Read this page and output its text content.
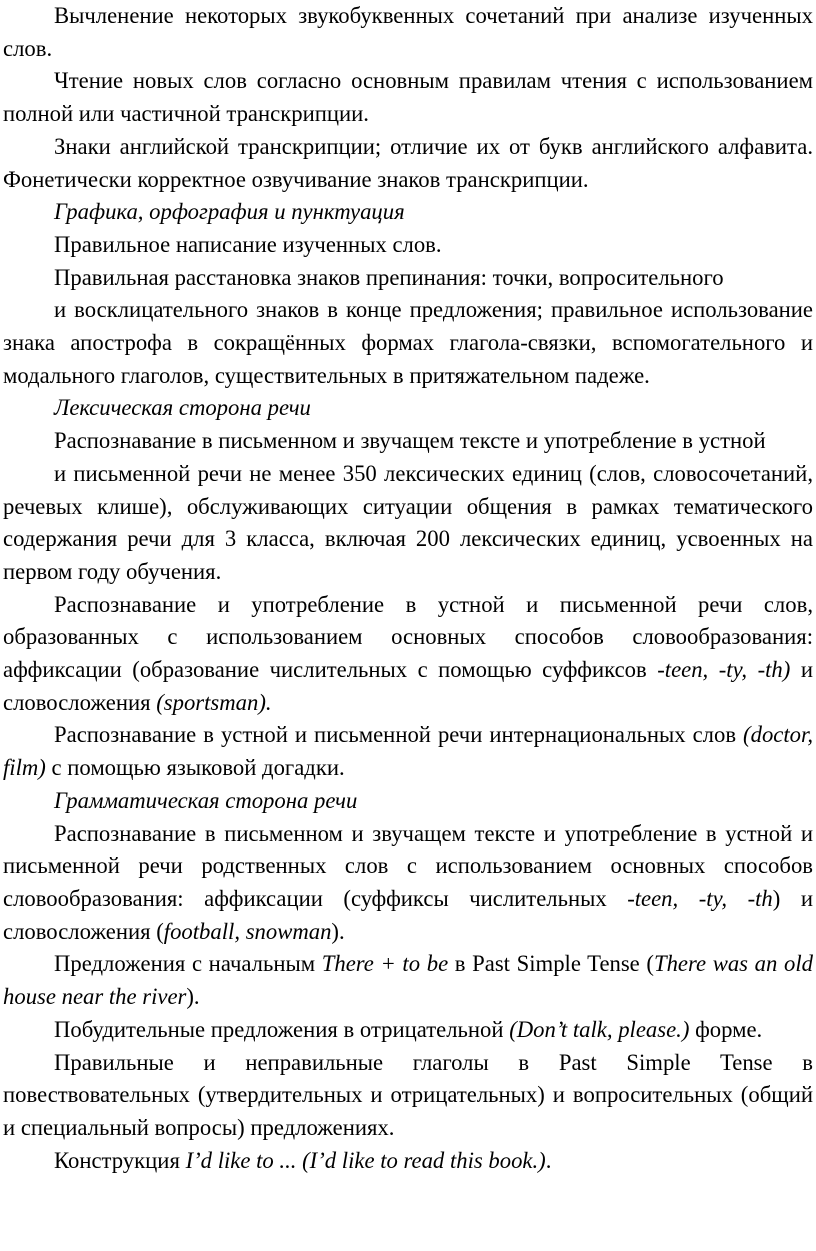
Вычленение некоторых звукобуквенных сочетаний при анализе изученных слов.

Чтение новых слов согласно основным правилам чтения с использованием полной или частичной транскрипции.

Знаки английской транскрипции; отличие их от букв английского алфавита. Фонетически корректное озвучивание знаков транскрипции.

Графика, орфография и пунктуация

Правильное написание изученных слов.

Правильная расстановка знаков препинания: точки, вопросительного

и восклицательного знаков в конце предложения; правильное использование знака апострофа в сокращённых формах глагола-связки, вспомогательного и модального глаголов, существительных в притяжательном падеже.

Лексическая сторона речи

Распознавание в письменном и звучащем тексте и употребление в устной

и письменной речи не менее 350 лексических единиц (слов, словосочетаний, речевых клише), обслуживающих ситуации общения в рамках тематического содержания речи для 3 класса, включая 200 лексических единиц, усвоенных на первом году обучения.

Распознавание и употребление в устной и письменной речи слов, образованных с использованием основных способов словообразования: аффиксации (образование числительных с помощью суффиксов -teen, -ty, -th) и словосложения (sportsman).

Распознавание в устной и письменной речи интернациональных слов (doctor, film) с помощью языковой догадки.

Грамматическая сторона речи

Распознавание в письменном и звучащем тексте и употребление в устной и письменной речи родственных слов с использованием основных способов словообразования: аффиксации (суффиксы числительных -teen, -ty, -th) и словосложения (football, snowman).

Предложения с начальным There + to be в Past Simple Tense (There was an old house near the river).

Побудительные предложения в отрицательной (Don’t talk, please.) форме.

Правильные и неправильные глаголы в Past Simple Tense в повествовательных (утвердительных и отрицательных) и вопросительных (общий и специальный вопросы) предложениях.

Конструкция I’d like to ... (I’d like to read this book.).
